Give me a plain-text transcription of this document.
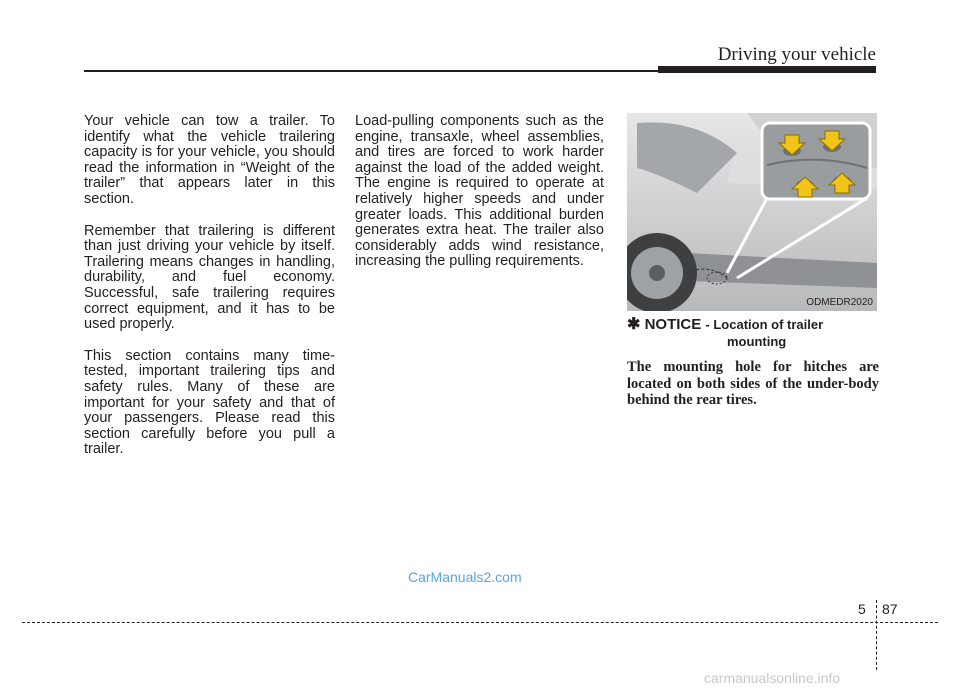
Driving your vehicle

Your vehicle can tow a trailer. To identify what the vehicle trailering capacity is for your vehicle, you should read the information in “Weight of the trailer” that appears later in this section.

Remember that trailering is different than just driving your vehicle by itself. Trailering means changes in handling, durability, and fuel economy. Successful, safe trailering requires correct equipment, and it has to be used properly.

This section contains many time-tested, important trailering tips and safety rules. Many of these are important for your safety and that of your passengers. Please read this section carefully before you pull a trailer.

Load-pulling components such as the engine, transaxle, wheel assemblies, and tires are forced to work harder against the load of the added weight. The engine is required to operate at relatively higher speeds and under greater loads. This additional burden generates extra heat. The trailer also considerably adds wind resistance, increasing the pulling requirements.

ODMEDR2020
✱ NOTICE - Location of trailer
mounting
The mounting hole for hitches are located on both sides of the under-body behind the rear tires.
CarManuals2.com
5 87
carmanualsonline.info
